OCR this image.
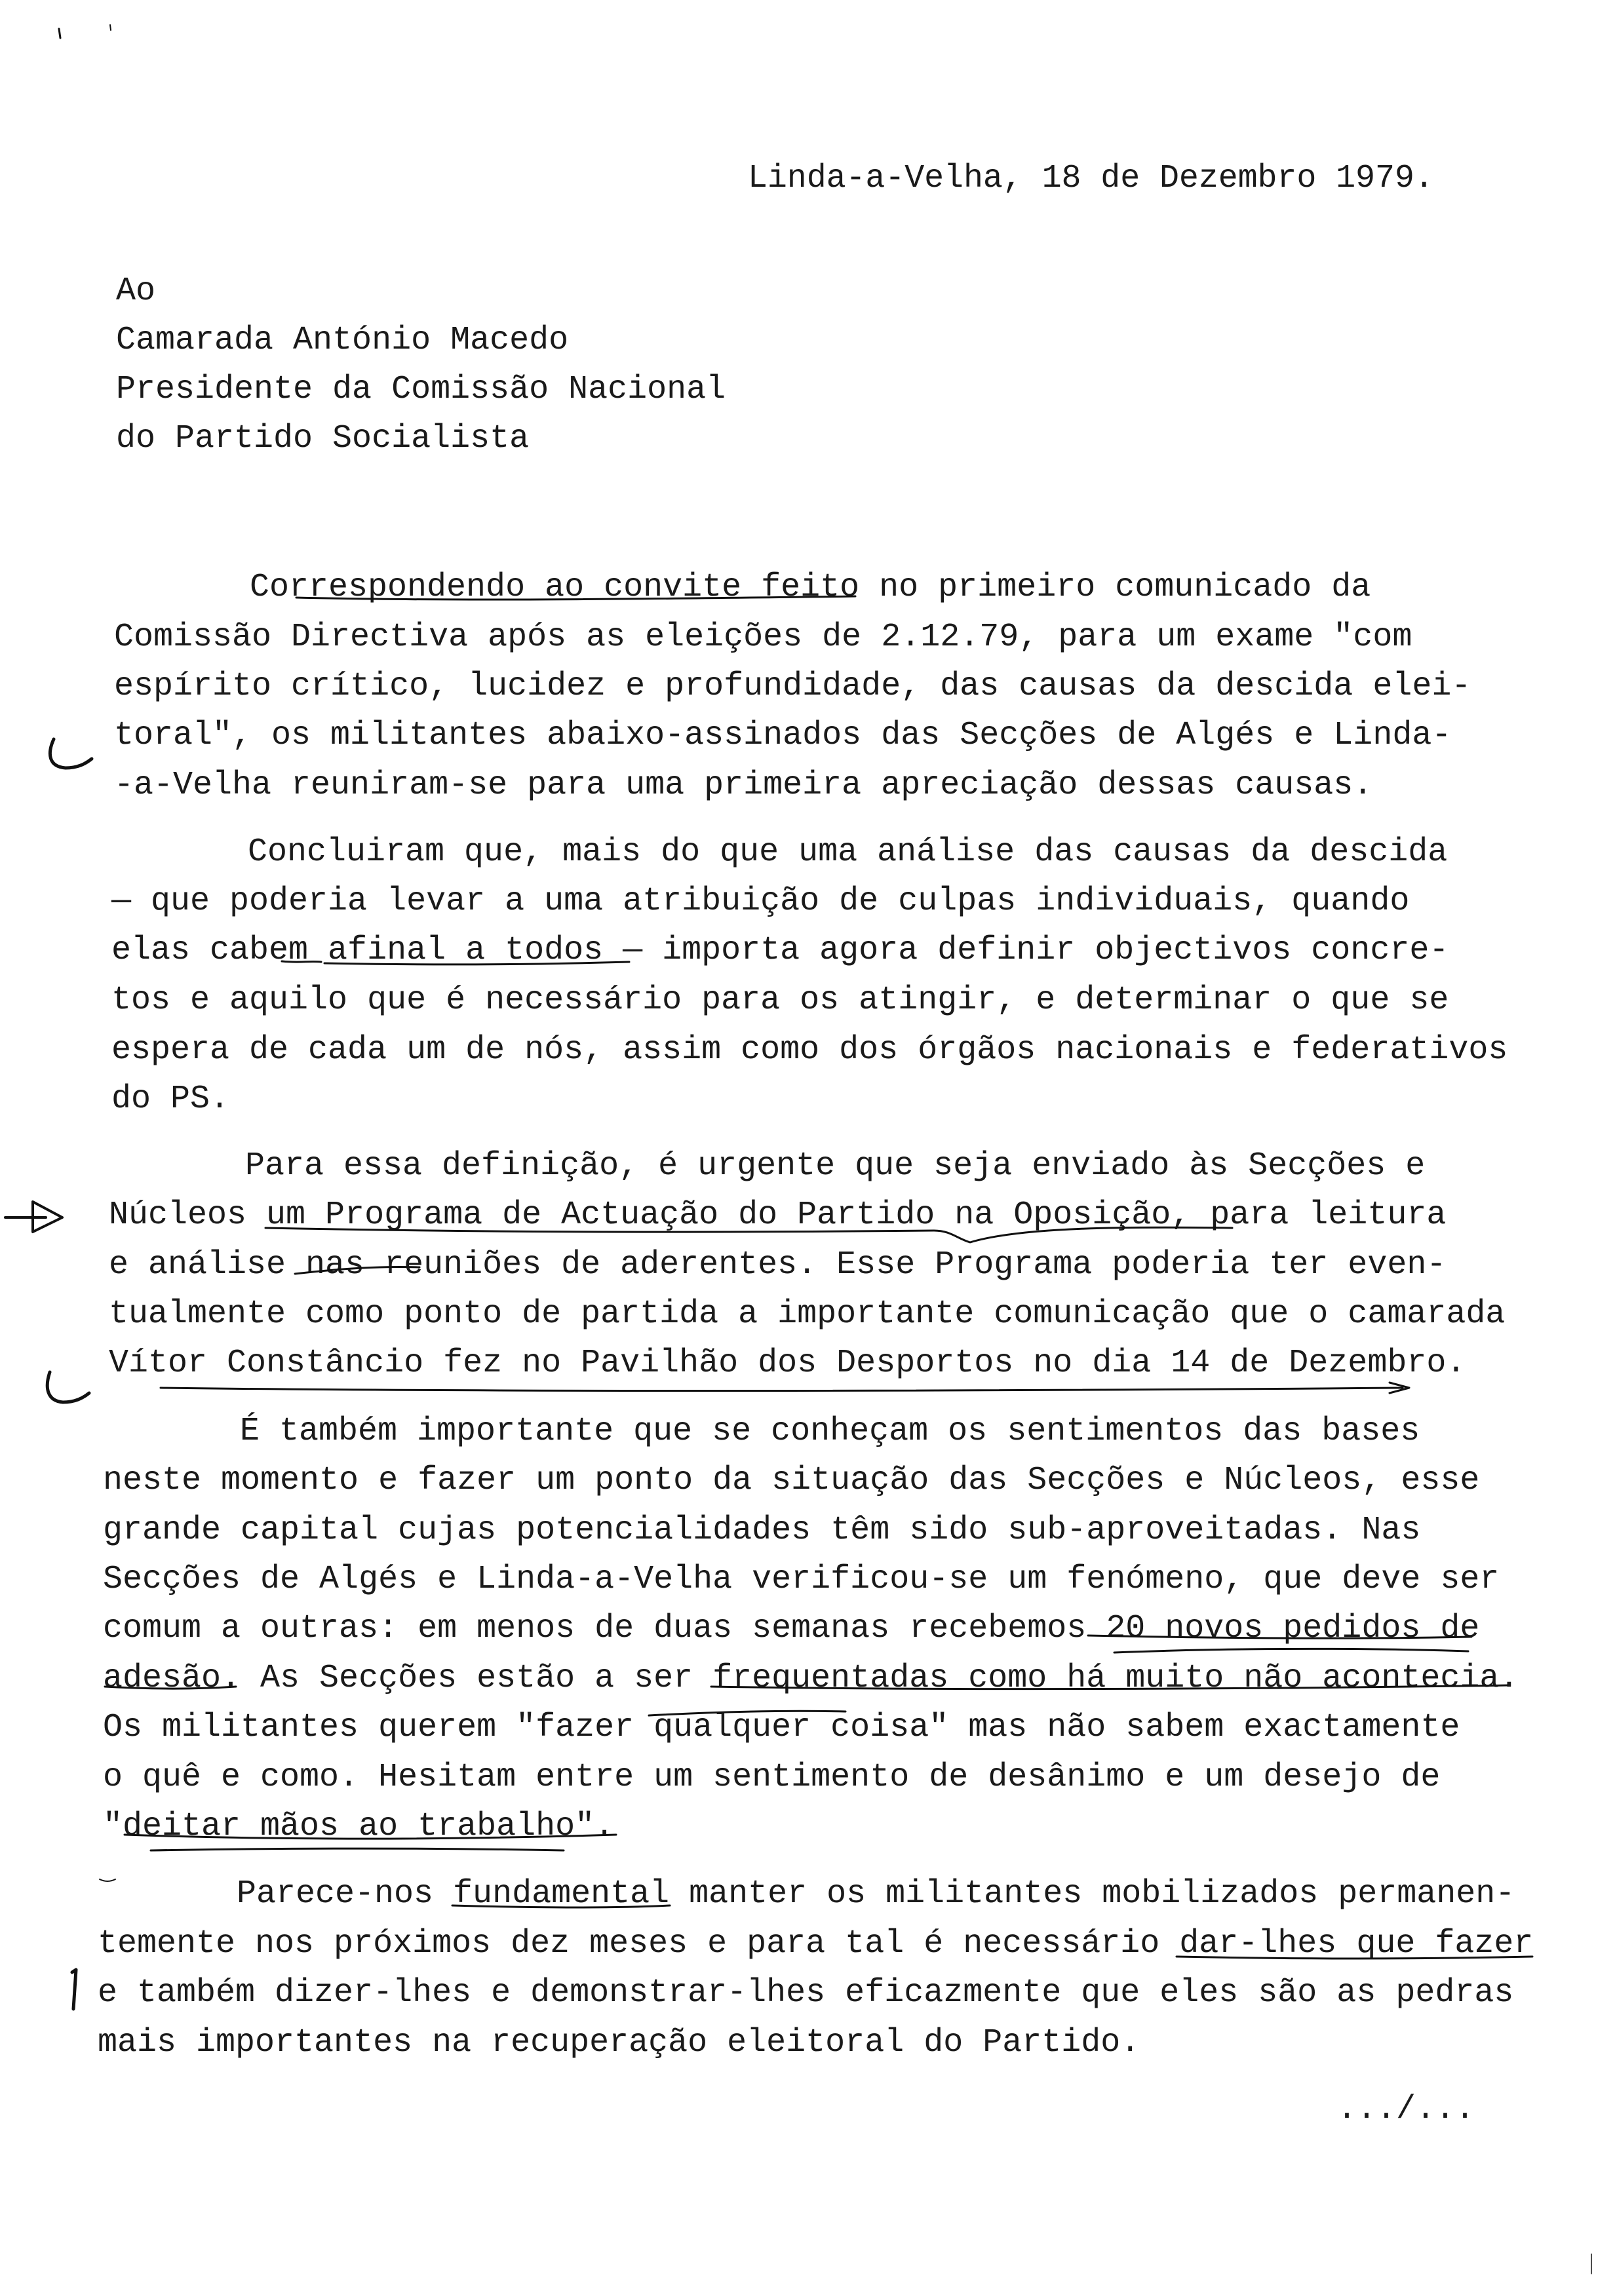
Linda-a-Velha, 18 de Dezembro 1979.
Ao
Camarada António Macedo
Presidente da Comissão Nacional
do Partido Socialista
Correspondendo ao convite feito no primeiro comunicado da
Comissão Directiva após as eleições de 2.12.79, para um exame "com
espírito crítico, lucidez e profundidade, das causas da descida elei-
toral", os militantes abaixo-assinados das Secções de Algés e Linda-
-a-Velha reuniram-se para uma primeira apreciação dessas causas.
Concluiram que, mais do que uma análise das causas da descida
— que poderia levar a uma atribuição de culpas individuais, quando
elas cabem afinal a todos — importa agora definir objectivos concre-
tos e aquilo que é necessário para os atingir, e determinar o que se
espera de cada um de nós, assim como dos órgãos nacionais e federativos
do PS.
Para essa definição, é urgente que seja enviado às Secções e
Núcleos um Programa de Actuação do Partido na Oposição, para leitura
e análise nas reuniões de aderentes. Esse Programa poderia ter even-
tualmente como ponto de partida a importante comunicação que o camarada
Vítor Constâncio fez no Pavilhão dos Desportos no dia 14 de Dezembro.
É também importante que se conheçam os sentimentos das bases
neste momento e fazer um ponto da situação das Secções e Núcleos, esse
grande capital cujas potencialidades têm sido sub-aproveitadas. Nas
Secções de Algés e Linda-a-Velha verificou-se um fenómeno, que deve ser
comum a outras: em menos de duas semanas recebemos 20 novos pedidos de
adesão. As Secções estão a ser frequentadas como há muito não acontecia.
Os militantes querem "fazer qualquer coisa" mas não sabem exactamente
o quê e como. Hesitam entre um sentimento de desânimo e um desejo de
"deitar mãos ao trabalho".
Parece-nos fundamental manter os militantes mobilizados permanen-
temente nos próximos dez meses e para tal é necessário dar-lhes que fazer
e também dizer-lhes e demonstrar-lhes eficazmente que eles são as pedras
mais importantes na recuperação eleitoral do Partido.
.../...
